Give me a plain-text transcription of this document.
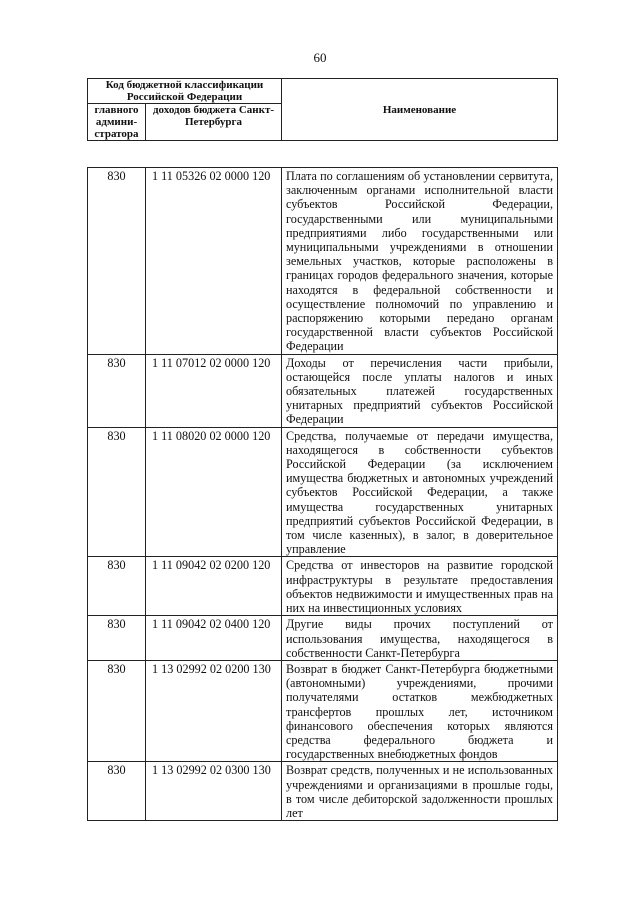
60
Код бюджетной классификации Российской Федерации		Наименование
главного админи-стратора	доходов бюджета Санкт-Петербурга	
830	1 11 05326 02 0000 120	Плата по соглашениям об установлении сервитута, заключенным органами исполнительной власти субъектов Российской Федерации, государственными или муниципальными предприятиями либо государственными или муниципальными учреждениями в отношении земельных участков, которые расположены в границах городов федерального значения, которые находятся в федеральной собственности и осуществление полномочий по управлению и распоряжению которыми передано органам государственной власти субъектов Российской Федерации
830	1 11 07012 02 0000 120	Доходы от перечисления части прибыли, остающейся после уплаты налогов и иных обязательных платежей государственных унитарных предприятий субъектов Российской Федерации
830	1 11 08020 02 0000 120	Средства, получаемые от передачи имущества, находящегося в собственности субъектов Российской Федерации (за исключением имущества бюджетных и автономных учреждений субъектов Российской Федерации, а также имущества государственных унитарных предприятий субъектов Российской Федерации, в том числе казенных), в залог, в доверительное управление
830	1 11 09042 02 0200 120	Средства от инвесторов на развитие городской инфраструктуры в результате предоставления объектов недвижимости и имущественных прав на них на инвестиционных условиях
830	1 11 09042 02 0400 120	Другие виды прочих поступлений от использования имущества, находящегося в собственности Санкт-Петербурга
830	1 13 02992 02 0200 130	Возврат в бюджет Санкт-Петербурга бюджетными (автономными) учреждениями, прочими получателями остатков межбюджетных трансфертов прошлых лет, источником финансового обеспечения которых являются средства федерального бюджета и государственных внебюджетных фондов
830	1 13 02992 02 0300 130	Возврат средств, полученных и не использованных учреждениями и организациями в прошлые годы, в том числе дебиторской задолженности прошлых лет
